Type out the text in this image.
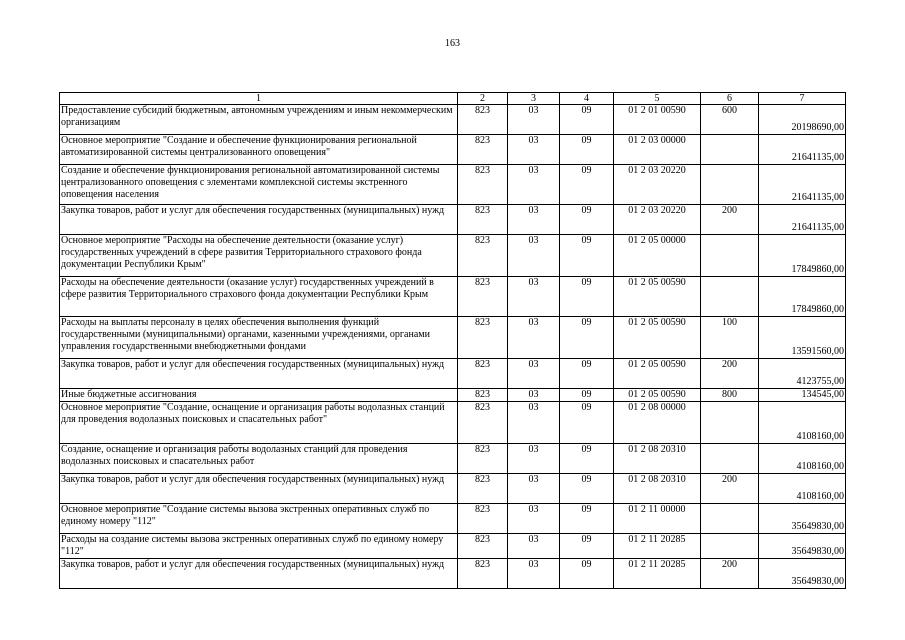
163
1	2	3	4	5	6	7
Предоставление субсидий бюджетным, автономным учреждениям и иным некоммерческим организациям	823	03	09	01 2 01 00590	600	20198690,00
Основное мероприятие "Создание и обеспечение функционирования региональной автоматизированной системы централизованного оповещения"	823	03	09	01 2 03 00000		21641135,00
Создание и обеспечение функционирования региональной автоматизированной системы централизованного оповещения с элементами комплексной системы экстренного оповещения населения	823	03	09	01 2 03 20220		21641135,00
Закупка товаров, работ и услуг для обеспечения государственных (муниципальных) нужд	823	03	09	01 2 03 20220	200	21641135,00
Основное мероприятие "Расходы на обеспечение деятельности (оказание услуг) государственных учреждений в сфере развития Территориального страхового фонда документации Республики Крым"	823	03	09	01 2 05 00000		17849860,00
Расходы на обеспечение деятельности (оказание услуг) государственных учреждений в сфере развития Территориального страхового фонда документации Республики Крым	823	03	09	01 2 05 00590		17849860,00
Расходы на выплаты персоналу в целях обеспечения выполнения функций государственными (муниципальными) органами, казенными учреждениями, органами управления государственными внебюджетными фондами	823	03	09	01 2 05 00590	100	13591560,00
Закупка товаров, работ и услуг для обеспечения государственных (муниципальных) нужд	823	03	09	01 2 05 00590	200	4123755,00
Иные бюджетные ассигнования	823	03	09	01 2 05 00590	800	134545,00
Основное мероприятие "Создание, оснащение и организация работы водолазных станций для проведения водолазных поисковых и спасательных работ"	823	03	09	01 2 08 00000		4108160,00
Создание, оснащение и организация работы водолазных станций для проведения водолазных поисковых и спасательных работ	823	03	09	01 2 08 20310		4108160,00
Закупка товаров, работ и услуг для обеспечения государственных (муниципальных) нужд	823	03	09	01 2 08 20310	200	4108160,00
Основное мероприятие "Создание системы вызова экстренных оперативных служб по единому номеру "112"	823	03	09	01 2 11 00000		35649830,00
Расходы на создание системы вызова экстренных оперативных служб по единому номеру "112"	823	03	09	01 2 11 20285		35649830,00
Закупка товаров, работ и услуг для обеспечения государственных (муниципальных) нужд	823	03	09	01 2 11 20285	200	35649830,00
